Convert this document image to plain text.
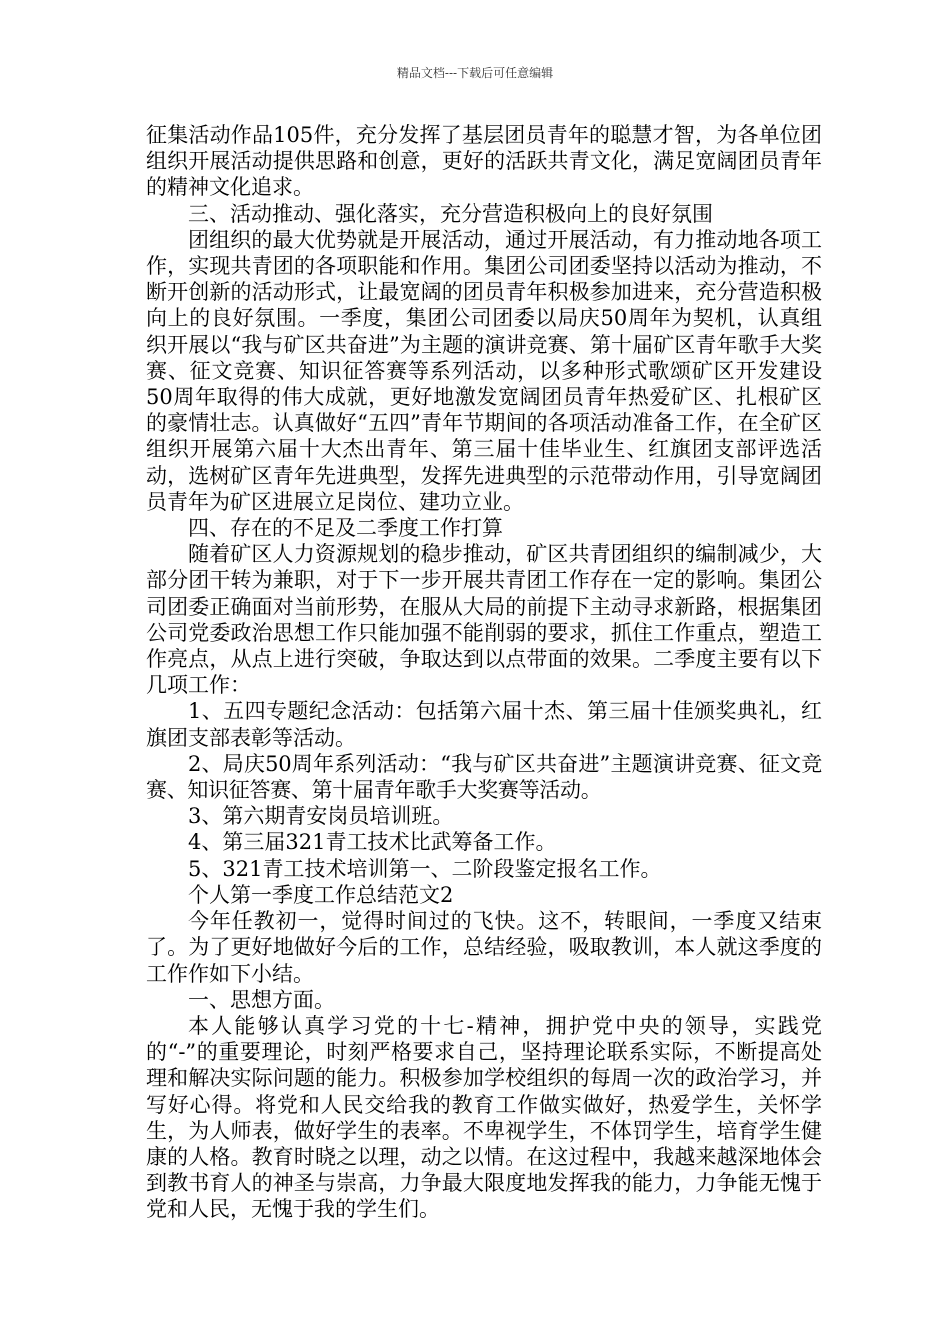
精品文档---下载后可任意编辑

征集活动作品105件，充分发挥了基层团员青年的聪慧才智，为各单位团组织开展活动提供思路和创意，更好的活跃共青文化，满足宽阔团员青年的精神文化追求。

三、活动推动、强化落实，充分营造积极向上的良好氛围

团组织的最大优势就是开展活动，通过开展活动，有力推动地各项工作，实现共青团的各项职能和作用。集团公司团委坚持以活动为推动，不断开创新的活动形式，让最宽阔的团员青年积极参加进来，充分营造积极向上的良好氛围。一季度，集团公司团委以局庆50周年为契机，认真组织开展以“我与矿区共奋进”为主题的演讲竞赛、第十届矿区青年歌手大奖赛、征文竞赛、知识征答赛等系列活动，以多种形式歌颂矿区开发建设50周年取得的伟大成就，更好地激发宽阔团员青年热爱矿区、扎根矿区的豪情壮志。认真做好“五四”青年节期间的各项活动准备工作，在全矿区组织开展第六届十大杰出青年、第三届十佳毕业生、红旗团支部评选活动，选树矿区青年先进典型，发挥先进典型的示范带动作用，引导宽阔团员青年为矿区进展立足岗位、建功立业。

四、存在的不足及二季度工作打算

随着矿区人力资源规划的稳步推动，矿区共青团组织的编制减少，大部分团干转为兼职，对于下一步开展共青团工作存在一定的影响。集团公司团委正确面对当前形势，在服从大局的前提下主动寻求新路，根据集团公司党委政治思想工作只能加强不能削弱的要求，抓住工作重点，塑造工作亮点，从点上进行突破，争取达到以点带面的效果。二季度主要有以下几项工作：

1、五四专题纪念活动：包括第六届十杰、第三届十佳颁奖典礼，红旗团支部表彰等活动。

2、局庆50周年系列活动：“我与矿区共奋进”主题演讲竞赛、征文竞赛、知识征答赛、第十届青年歌手大奖赛等活动。

3、第六期青安岗员培训班。

4、第三届321青工技术比武筹备工作。

5、321青工技术培训第一、二阶段鉴定报名工作。

个人第一季度工作总结范文2

今年任教初一，觉得时间过的飞快。这不，转眼间，一季度又结束了。为了更好地做好今后的工作，总结经验，吸取教训，本人就这季度的工作作如下小结。

一、思想方面。

本人能够认真学习党的十七-精神，拥护党中央的领导，实践党的“-”的重要理论，时刻严格要求自己，坚持理论联系实际，不断提高处理和解决实际问题的能力。积极参加学校组织的每周一次的政治学习，并写好心得。将党和人民交给我的教育工作做实做好，热爱学生，关怀学生，为人师表，做好学生的表率。不卑视学生，不体罚学生，培育学生健康的人格。教育时晓之以理，动之以情。在这过程中，我越来越深地体会到教书育人的神圣与崇高，力争最大限度地发挥我的能力，力争能无愧于党和人民，无愧于我的学生们。
